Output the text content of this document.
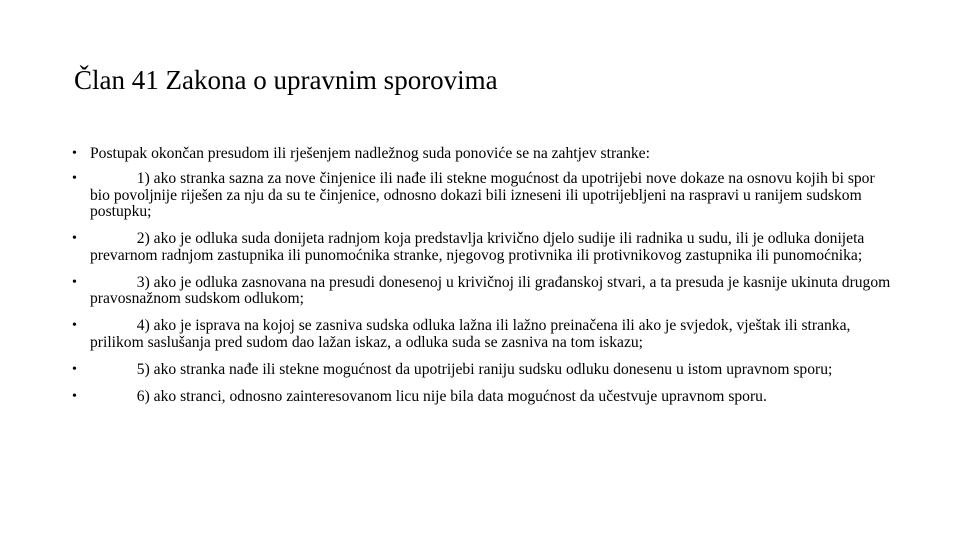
Član 41 Zakona o upravnim sporovima
• Postupak okončan presudom ili rješenjem nadležnog suda ponoviće se na zahtjev stranke:
• 1) ako stranka sazna za nove činjenice ili nađe ili stekne mogućnost da upotrijebi nove dokaze na osnovu kojih bi spor bio povoljnije riješen za nju da su te činjenice, odnosno dokazi bili izneseni ili upotrijebljeni na raspravi u ranijem sudskom postupku;
• 2) ako je odluka suda donijeta radnjom koja predstavlja krivično djelo sudije ili radnika u sudu, ili je odluka donijeta prevarnom radnjom zastupnika ili punomoćnika stranke, njegovog protivnika ili protivnikovog zastupnika ili punomoćnika;
• 3) ako je odluka zasnovana na presudi donesenoj u krivičnoj ili građanskoj stvari, a ta presuda je kasnije ukinuta drugom pravosnažnom sudskom odlukom;
• 4) ako je isprava na kojoj se zasniva sudska odluka lažna ili lažno preinačena ili ako je svjedok, vještak ili stranka, prilikom saslušanja pred sudom dao lažan iskaz, a odluka suda se zasniva na tom iskazu;
• 5) ako stranka nađe ili stekne mogućnost da upotrijebi raniju sudsku odluku donesenu u istom upravnom sporu;
• 6) ako stranci, odnosno zainteresovanom licu nije bila data mogućnost da učestvuje upravnom sporu.
